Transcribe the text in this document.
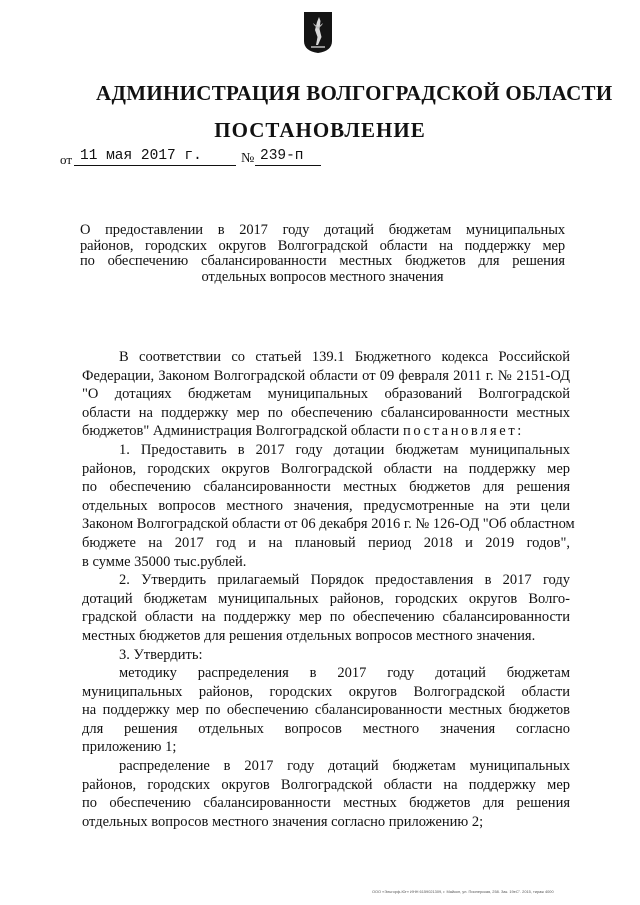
АДМИНИСТРАЦИЯ ВОЛГОГРАДСКОЙ ОБЛАСТИ
ПОСТАНОВЛЕНИЕ
от 11 мая 2017 г.	№ 239-п
О предоставлении в 2017 году дотаций бюджетам муниципальных
районов, городских округов Волгоградской области на поддержку мер
по обеспечению сбалансированности местных бюджетов для решения
отдельных вопросов местного значения
В соответствии со статьей 139.1 Бюджетного кодекса Российской
Федерации, Законом Волгоградской области от 09 февраля 2011 г. № 2151-ОД
"О дотациях бюджетам муниципальных образований Волгоградской
области на поддержку мер по обеспечению сбалансированности местных
бюджетов" Администрация Волгоградской области постановляет:
1. Предоставить в 2017 году дотации бюджетам муниципальных
районов, городских округов Волгоградской области на поддержку мер
по обеспечению сбалансированности местных бюджетов для решения
отдельных вопросов местного значения, предусмотренные на эти цели
Законом Волгоградской области от 06 декабря 2016 г. № 126-ОД "Об областном
бюджете на 2017 год и на плановый период 2018 и 2019 годов",
в сумме 35000 тыс.рублей.
2. Утвердить прилагаемый Порядок предоставления в 2017 году
дотаций бюджетам муниципальных районов, городских округов Волго-
градской области на поддержку мер по обеспечению сбалансированности
местных бюджетов для решения отдельных вопросов местного значения.
3. Утвердить:
методику распределения в 2017 году дотаций бюджетам
муниципальных районов, городских округов Волгоградской области
на поддержку мер по обеспечению сбалансированности местных бюджетов
для решения отдельных вопросов местного значения согласно
приложению 1;
распределение в 2017 году дотаций бюджетам муниципальных
районов, городских округов Волгоградской области на поддержку мер
по обеспечению сбалансированности местных бюджетов для решения
отдельных вопросов местного значения согласно приложению 2;
ООО «Эльгорф-Юг» ИНН 6159021309, г. Майкоп, ул. Пионерская, 258. Зак. 19еС". 2015, тираж 4000
